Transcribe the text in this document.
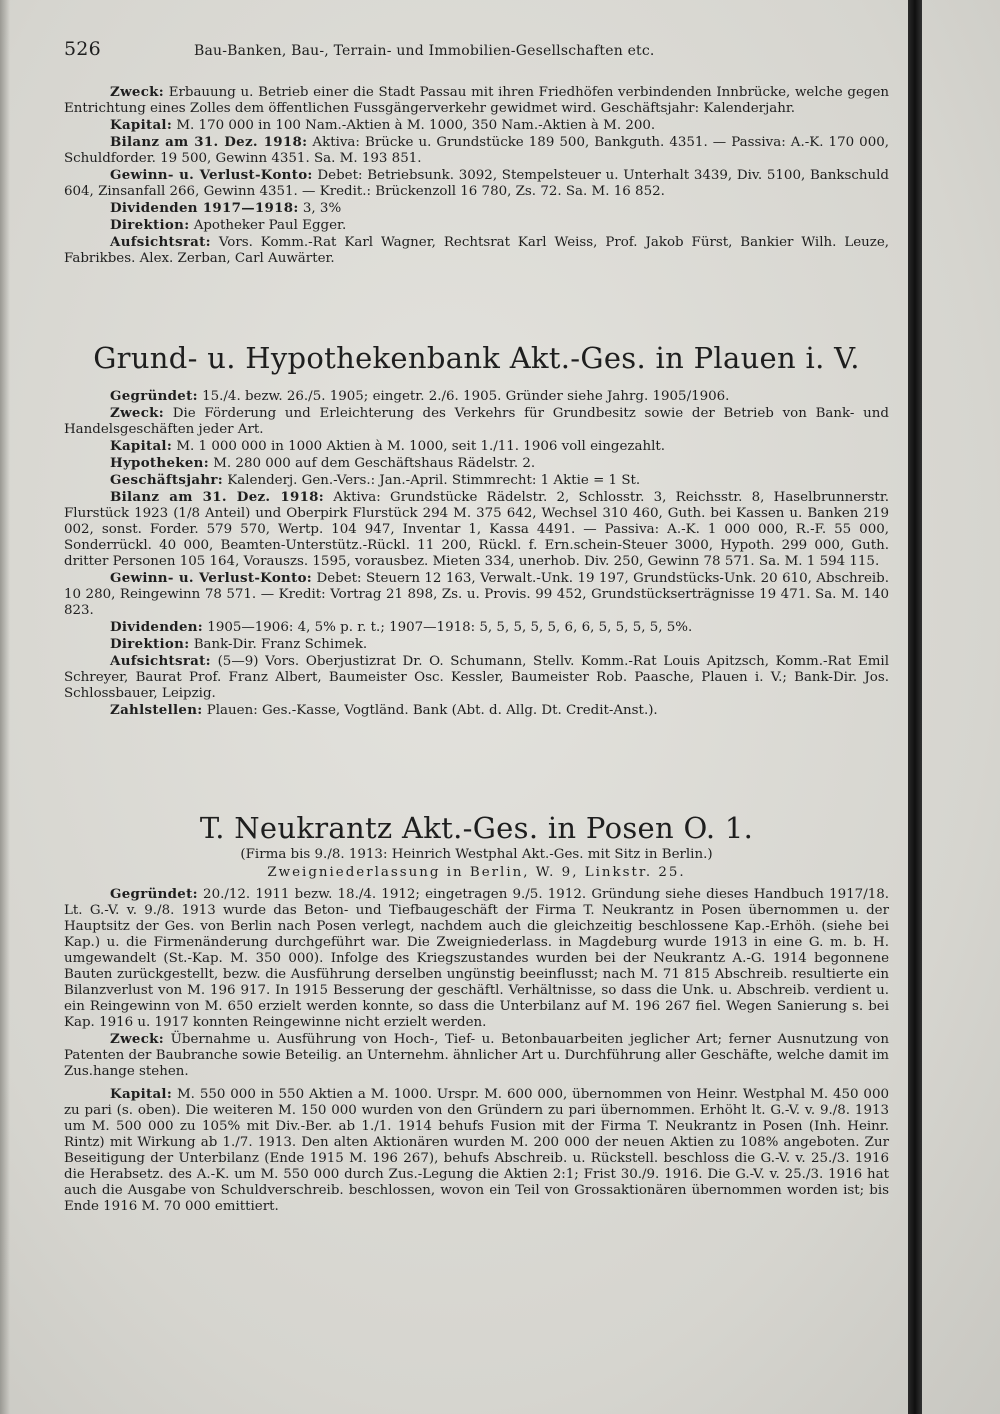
526	Bau-Banken, Bau-, Terrain- und Immobilien-Gesellschaften etc.

Zweck: Erbauung u. Betrieb einer die Stadt Passau mit ihren Friedhöfen verbindenden Innbrücke, welche gegen Entrichtung eines Zolles dem öffentlichen Fussgängerverkehr gewidmet wird. Geschäftsjahr: Kalenderjahr.

Kapital: M. 170 000 in 100 Nam.-Aktien à M. 1000, 350 Nam.-Aktien à M. 200.

Bilanz am 31. Dez. 1918: Aktiva: Brücke u. Grundstücke 189 500, Bankguth. 4351. — Passiva: A.-K. 170 000, Schuldforder. 19 500, Gewinn 4351. Sa. M. 193 851.

Gewinn- u. Verlust-Konto: Debet: Betriebsunk. 3092, Stempelsteuer u. Unterhalt 3439, Div. 5100, Bankschuld 604, Zinsanfall 266, Gewinn 4351. — Kredit.: Brückenzoll 16 780, Zs. 72. Sa. M. 16 852.

Dividenden 1917—1918: 3, 3%

Direktion: Apotheker Paul Egger.

Aufsichtsrat: Vors. Komm.-Rat Karl Wagner, Rechtsrat Karl Weiss, Prof. Jakob Fürst, Bankier Wilh. Leuze, Fabrikbes. Alex. Zerban, Carl Auwärter.

Grund- u. Hypothekenbank Akt.-Ges. in Plauen i. V.

Gegründet: 15./4. bezw. 26./5. 1905; eingetr. 2./6. 1905. Gründer siehe Jahrg. 1905/1906.

Zweck: Die Förderung und Erleichterung des Verkehrs für Grundbesitz sowie der Betrieb von Bank- und Handelsgeschäften jeder Art.

Kapital: M. 1 000 000 in 1000 Aktien à M. 1000, seit 1./11. 1906 voll eingezahlt.

Hypotheken: M. 280 000 auf dem Geschäftshaus Rädelstr. 2.

Geschäftsjahr: Kalenderj. Gen.-Vers.: Jan.-April. Stimmrecht: 1 Aktie = 1 St.

Bilanz am 31. Dez. 1918: Aktiva: Grundstücke Rädelstr. 2, Schlosstr. 3, Reichsstr. 8, Haselbrunnerstr. Flurstück 1923 (1/8 Anteil) und Oberpirk Flurstück 294 M. 375 642, Wechsel 310 460, Guth. bei Kassen u. Banken 219 002, sonst. Forder. 579 570, Wertp. 104 947, Inventar 1, Kassa 4491. — Passiva: A.-K. 1 000 000, R.-F. 55 000, Sonderrückl. 40 000, Beamten-Unterstütz.-Rückl. 11 200, Rückl. f. Ern.schein-Steuer 3000, Hypoth. 299 000, Guth. dritter Personen 105 164, Vorauszs. 1595, vorausbez. Mieten 334, unerhob. Div. 250, Gewinn 78 571. Sa. M. 1 594 115.

Gewinn- u. Verlust-Konto: Debet: Steuern 12 163, Verwalt.-Unk. 19 197, Grundstücks-Unk. 20 610, Abschreib. 10 280, Reingewinn 78 571. — Kredit: Vortrag 21 898, Zs. u. Provis. 99 452, Grundstückserträgnisse 19 471. Sa. M. 140 823.

Dividenden: 1905—1906: 4, 5% p. r. t.; 1907—1918: 5, 5, 5, 5, 5, 6, 6, 5, 5, 5, 5, 5%.

Direktion: Bank-Dir. Franz Schimek.

Aufsichtsrat: (5—9) Vors. Oberjustizrat Dr. O. Schumann, Stellv. Komm.-Rat Louis Apitzsch, Komm.-Rat Emil Schreyer, Baurat Prof. Franz Albert, Baumeister Osc. Kessler, Baumeister Rob. Paasche, Plauen i. V.; Bank-Dir. Jos. Schlossbauer, Leipzig.

Zahlstellen: Plauen: Ges.-Kasse, Vogtländ. Bank (Abt. d. Allg. Dt. Credit-Anst.).

T. Neukrantz Akt.-Ges. in Posen O. 1.

(Firma bis 9./8. 1913: Heinrich Westphal Akt.-Ges. mit Sitz in Berlin.)

Zweigniederlassung in Berlin, W. 9, Linkstr. 25.

Gegründet: 20./12. 1911 bezw. 18./4. 1912; eingetragen 9./5. 1912. Gründung siehe dieses Handbuch 1917/18. Lt. G.-V. v. 9./8. 1913 wurde das Beton- und Tiefbaugeschäft der Firma T. Neukrantz in Posen übernommen u. der Hauptsitz der Ges. von Berlin nach Posen verlegt, nachdem auch die gleichzeitig beschlossene Kap.-Erhöh. (siehe bei Kap.) u. die Firmenänderung durchgeführt war. Die Zweigniederlass. in Magdeburg wurde 1913 in eine G. m. b. H. umgewandelt (St.-Kap. M. 350 000). Infolge des Kriegszustandes wurden bei der Neukrantz A.-G. 1914 begonnene Bauten zurückgestellt, bezw. die Ausführung derselben ungünstig beeinflusst; nach M. 71 815 Abschreib. resultierte ein Bilanzverlust von M. 196 917. In 1915 Besserung der geschäftl. Verhältnisse, so dass die Unk. u. Abschreib. verdient u. ein Reingewinn von M. 650 erzielt werden konnte, so dass die Unterbilanz auf M. 196 267 fiel. Wegen Sanierung s. bei Kap. 1916 u. 1917 konnten Reingewinne nicht erzielt werden.

Zweck: Übernahme u. Ausführung von Hoch-, Tief- u. Betonbauarbeiten jeglicher Art; ferner Ausnutzung von Patenten der Baubranche sowie Beteilig. an Unternehm. ähnlicher Art u. Durchführung aller Geschäfte, welche damit im Zus.hange stehen.

Kapital: M. 550 000 in 550 Aktien a M. 1000. Urspr. M. 600 000, übernommen von Heinr. Westphal M. 450 000 zu pari (s. oben). Die weiteren M. 150 000 wurden von den Gründern zu pari übernommen. Erhöht lt. G.-V. v. 9./8. 1913 um M. 500 000 zu 105% mit Div.-Ber. ab 1./1. 1914 behufs Fusion mit der Firma T. Neukrantz in Posen (Inh. Heinr. Rintz) mit Wirkung ab 1./7. 1913. Den alten Aktionären wurden M. 200 000 der neuen Aktien zu 108% angeboten. Zur Beseitigung der Unterbilanz (Ende 1915 M. 196 267), behufs Abschreib. u. Rückstell. beschloss die G.-V. v. 25./3. 1916 die Herabsetz. des A.-K. um M. 550 000 durch Zus.-Legung die Aktien 2:1; Frist 30./9. 1916. Die G.-V. v. 25./3. 1916 hat auch die Ausgabe von Schuldverschreib. beschlossen, wovon ein Teil von Grossaktionären übernommen worden ist; bis Ende 1916 M. 70 000 emittiert.
